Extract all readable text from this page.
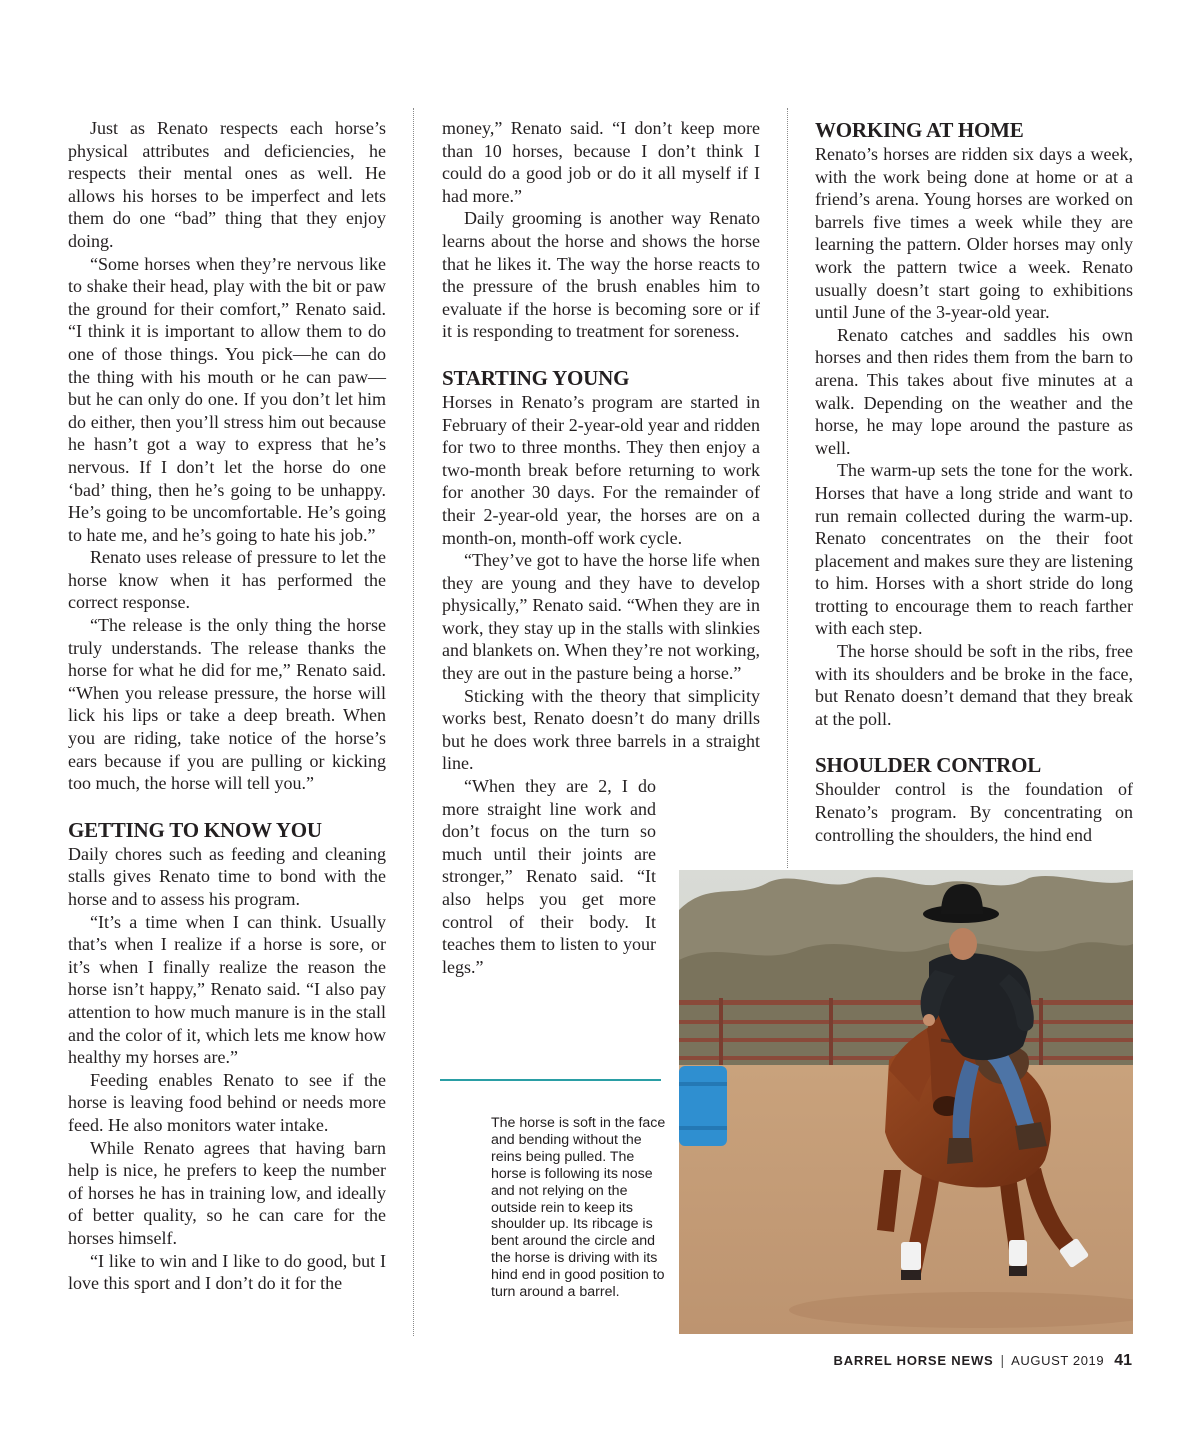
Just as Renato respects each horse’s physical attributes and deficiencies, he respects their mental ones as well. He allows his horses to be imperfect and lets them do one “bad” thing that they enjoy doing.

“Some horses when they’re nervous like to shake their head, play with the bit or paw the ground for their comfort,” Renato said. “I think it is important to allow them to do one of those things. You pick—he can do the thing with his mouth or he can paw—but he can only do one. If you don’t let him do either, then you’ll stress him out because he hasn’t got a way to express that he’s nervous. If I don’t let the horse do one ‘bad’ thing, then he’s going to be unhappy. He’s going to be uncomfortable. He’s going to hate me, and he’s going to hate his job.”

Renato uses release of pressure to let the horse know when it has performed the correct response.

“The release is the only thing the horse truly understands. The release thanks the horse for what he did for me,” Renato said. “When you release pressure, the horse will lick his lips or take a deep breath. When you are riding, take notice of the horse’s ears because if you are pulling or kicking too much, the horse will tell you.”

GETTING TO KNOW YOU

Daily chores such as feeding and cleaning stalls gives Renato time to bond with the horse and to assess his program.

“It’s a time when I can think. Usually that’s when I realize if a horse is sore, or it’s when I finally realize the reason the horse isn’t happy,” Renato said. “I also pay attention to how much manure is in the stall and the color of it, which lets me know how healthy my horses are.”

Feeding enables Renato to see if the horse is leaving food behind or needs more feed. He also monitors water intake.

While Renato agrees that having barn help is nice, he prefers to keep the number of horses he has in training low, and ideally of better quality, so he can care for the horses himself.

“I like to win and I like to do good, but I love this sport and I don’t do it for the

money,” Renato said. “I don’t keep more than 10 horses, because I don’t think I could do a good job or do it all myself if I had more.”

Daily grooming is another way Renato learns about the horse and shows the horse that he likes it. The way the horse reacts to the pressure of the brush enables him to evaluate if the horse is becoming sore or if it is responding to treatment for soreness.

STARTING YOUNG

Horses in Renato’s program are started in February of their 2-year-old year and ridden for two to three months. They then enjoy a two-month break before returning to work for another 30 days. For the remainder of their 2-year-old year, the horses are on a month-on, month-off work cycle.

“They’ve got to have the horse life when they are young and they have to develop physically,” Renato said. “When they are in work, they stay up in the stalls with slinkies and blankets on. When they’re not working, they are out in the pasture being a horse.”

Sticking with the theory that simplicity works best, Renato doesn’t do many drills but he does work three barrels in a straight line.

“When they are 2, I do more straight line work and don’t focus on the turn so much until their joints are stronger,” Renato said. “It also helps you get more control of their body. It teaches them to listen to your legs.”

WORKING AT HOME

Renato’s horses are ridden six days a week, with the work being done at home or at a friend’s arena. Young horses are worked on barrels five times a week while they are learning the pattern. Older horses may only work the pattern twice a week. Renato usually doesn’t start going to exhibitions until June of the 3-year-old year.

Renato catches and saddles his own horses and then rides them from the barn to arena. This takes about five minutes at a walk. Depending on the weather and the horse, he may lope around the pasture as well.

The warm-up sets the tone for the work. Horses that have a long stride and want to run remain collected during the warm-up. Renato concentrates on the their foot placement and makes sure they are listening to him. Horses with a short stride do long trotting to encourage them to reach farther with each step.

The horse should be soft in the ribs, free with its shoulders and be broke in the face, but Renato doesn’t demand that they break at the poll.

SHOULDER CONTROL

Shoulder control is the foundation of Renato’s program. By concentrating on controlling the shoulders, the hind end

The horse is soft in the face and bending without the reins being pulled. The horse is following its nose and not relying on the outside rein to keep its shoulder up. Its ribcage is bent around the circle and the horse is driving with its hind end in good position to turn around a barrel.
BARREL HORSE NEWS | AUGUST 2019 41
